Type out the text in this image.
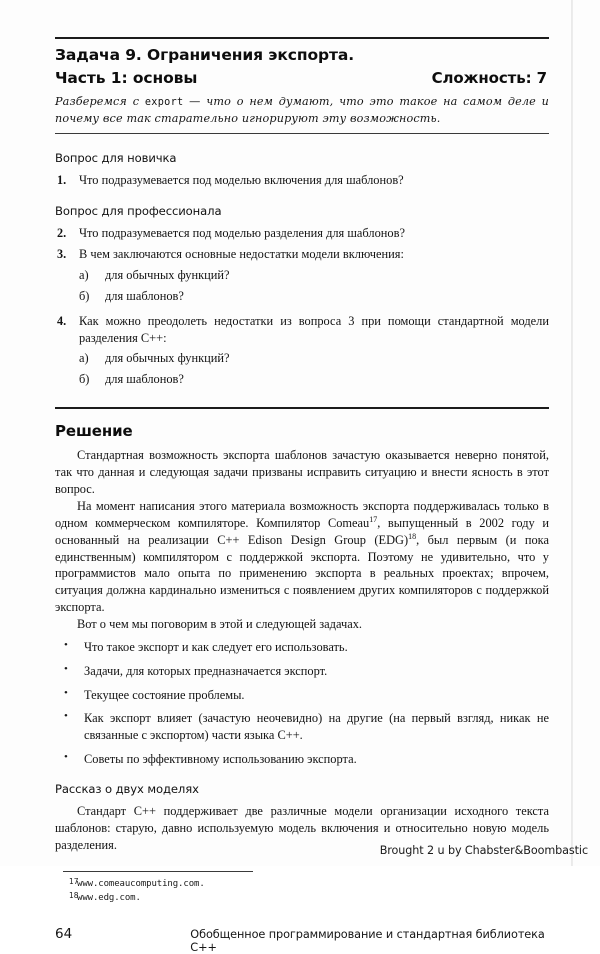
Задача 9. Ограничения экспорта.
Часть 1: основы	Сложность: 7
Разберемся с export — что о нем думают, что это такое на самом деле и почему все так старательно игнорируют эту возможность.
Вопрос для новичка
1. Что подразумевается под моделью включения для шаблонов?
Вопрос для профессионала
2. Что подразумевается под моделью разделения для шаблонов?
3. В чем заключаются основные недостатки модели включения:
а) для обычных функций?
б) для шаблонов?
4. Как можно преодолеть недостатки из вопроса 3 при помощи стандартной модели разделения C++:
а) для обычных функций?
б) для шаблонов?
Решение

Стандартная возможность экспорта шаблонов зачастую оказывается неверно понятой, так что данная и следующая задачи призваны исправить ситуацию и внести ясность в этот вопрос.

На момент написания этого материала возможность экспорта поддерживалась только в одном коммерческом компиляторе. Компилятор Comeau$^{17}$, выпущенный в 2002 году и основанный на реализации C++ Edison Design Group (EDG)$^{18}$, был первым (и пока единственным) компилятором с поддержкой экспорта. Поэтому не удивительно, что у программистов мало опыта по применению экспорта в реальных проектах; впрочем, ситуация должна кардинально измениться с появлением других компиляторов с поддержкой экспорта.

Вот о чем мы поговорим в этой и следующей задачах.

• Что такое экспорт и как следует его использовать.
• Задачи, для которых предназначается экспорт.
• Текущее состояние проблемы.
• Как экспорт влияет (зачастую неочевидно) на другие (на первый взгляд, никак не связанные с экспортом) части языка C++.
• Советы по эффективному использованию экспорта.
Рассказ о двух моделях

Стандарт C++ поддерживает две различные модели организации исходного текста шаблонов: старую, давно используемую модель включения и относительно новую модель разделения.

17
www.comeaucomputing.com.
18
www.edg.com.
64	Обобщенное программирование и стандартная библиотека C++
Brought 2 u by Chabster&Boombastic
